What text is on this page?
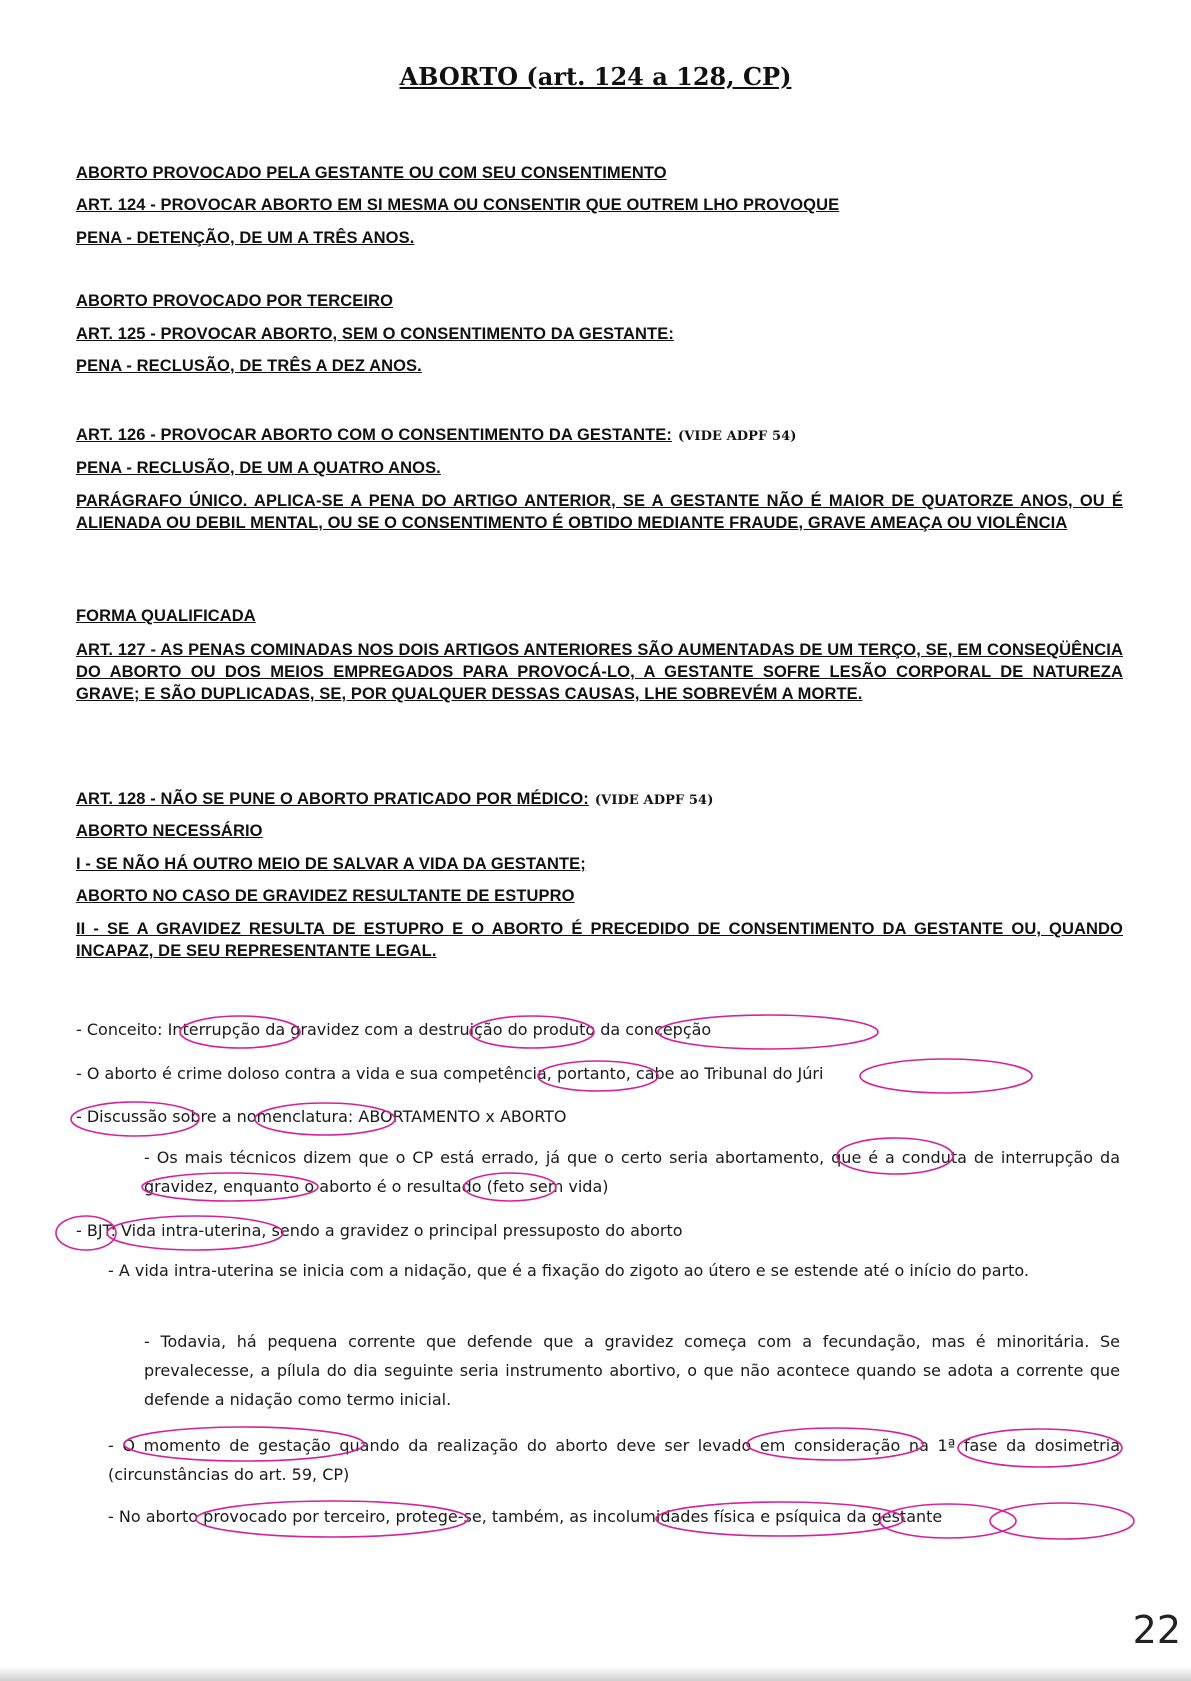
ABORTO (art. 124 a 128, CP)
ABORTO PROVOCADO PELA GESTANTE OU COM SEU CONSENTIMENTO
ART. 124 - PROVOCAR ABORTO EM SI MESMA OU CONSENTIR QUE OUTREM LHO PROVOQUE
PENA - DETENÇÃO, DE UM A TRÊS ANOS.
ABORTO PROVOCADO POR TERCEIRO
ART. 125 - PROVOCAR ABORTO, SEM O CONSENTIMENTO DA GESTANTE:
PENA - RECLUSÃO, DE TRÊS A DEZ ANOS.
ART. 126 - PROVOCAR ABORTO COM O CONSENTIMENTO DA GESTANTE: (VIDE ADPF 54)
PENA - RECLUSÃO, DE UM A QUATRO ANOS.
PARÁGRAFO ÚNICO. APLICA-SE A PENA DO ARTIGO ANTERIOR, SE A GESTANTE NÃO É MAIOR DE QUATORZE ANOS, OU É ALIENADA OU DEBIL MENTAL, OU SE O CONSENTIMENTO É OBTIDO MEDIANTE FRAUDE, GRAVE AMEAÇA OU VIOLÊNCIA
FORMA QUALIFICADA
ART. 127 - AS PENAS COMINADAS NOS DOIS ARTIGOS ANTERIORES SÃO AUMENTADAS DE UM TERÇO, SE, EM CONSEQÜÊNCIA DO ABORTO OU DOS MEIOS EMPREGADOS PARA PROVOCÁ-LO, A GESTANTE SOFRE LESÃO CORPORAL DE NATUREZA GRAVE; E SÃO DUPLICADAS, SE, POR QUALQUER DESSAS CAUSAS, LHE SOBREVÉM A MORTE.
ART. 128 - NÃO SE PUNE O ABORTO PRATICADO POR MÉDICO: (VIDE ADPF 54)
ABORTO NECESSÁRIO
I - SE NÃO HÁ OUTRO MEIO DE SALVAR A VIDA DA GESTANTE;
ABORTO NO CASO DE GRAVIDEZ RESULTANTE DE ESTUPRO
II - SE A GRAVIDEZ RESULTA DE ESTUPRO E O ABORTO É PRECEDIDO DE CONSENTIMENTO DA GESTANTE OU, QUANDO INCAPAZ, DE SEU REPRESENTANTE LEGAL.
- Conceito: Interrupção da gravidez com a destruição do produto da concepção
- O aborto é crime doloso contra a vida e sua competência, portanto, cabe ao Tribunal do Júri
- Discussão sobre a nomenclatura: ABORTAMENTO x ABORTO
- Os mais técnicos dizem que o CP está errado, já que o certo seria abortamento, que é a conduta de interrupção da gravidez, enquanto o aborto é o resultado (feto sem vida)
- BJT: Vida intra-uterina, sendo a gravidez o principal pressuposto do aborto
- A vida intra-uterina se inicia com a nidação, que é a fixação do zigoto ao útero e se estende até o início do parto.
- Todavia, há pequena corrente que defende que a gravidez começa com a fecundação, mas é minoritária. Se prevalecesse, a pílula do dia seguinte seria instrumento abortivo, o que não acontece quando se adota a corrente que defende a nidação como termo inicial.
- O momento de gestação quando da realização do aborto deve ser levado em consideração na 1ª fase da dosimetria (circunstâncias do art. 59, CP)
- No aborto provocado por terceiro, protege-se, também, as incolumidades física e psíquica da gestante
22
